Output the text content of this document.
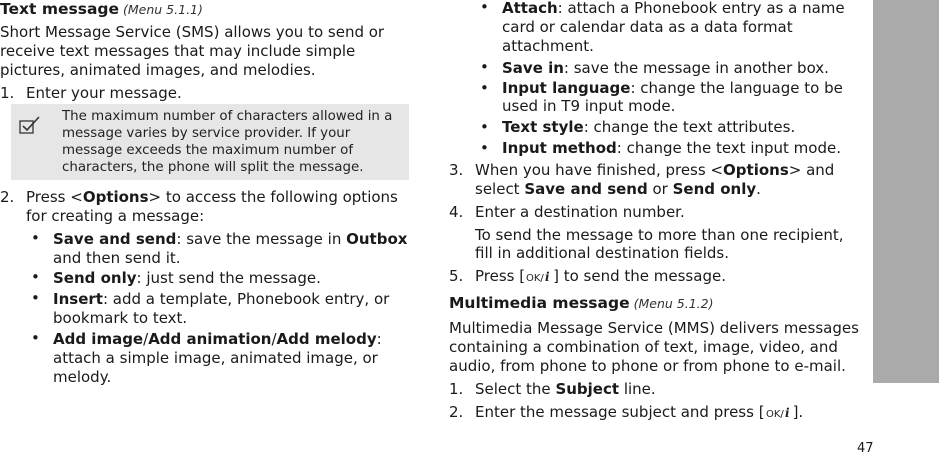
Text message (Menu 5.1.1)
Short Message Service (SMS) allows you to send or
receive text messages that may include simple
pictures, animated images, and melodies.
1. Enter your message.
The maximum number of characters allowed in a
message varies by service provider. If your
message exceeds the maximum number of
characters, the phone will split the message.
2. Press <Options> to access the following options
for creating a message:
• Save and send: save the message in Outbox
and then send it.
• Send only: just send the message.
• Insert: add a template, Phonebook entry, or
bookmark to text.
• Add image/Add animation/Add melody:
attach a simple image, animated image, or
melody.
• Attach: attach a Phonebook entry as a name
card or calendar data as a data format
attachment.
• Save in: save the message in another box.
• Input language: change the language to be
used in T9 input mode.
• Text style: change the text attributes.
• Input method: change the text input mode.
3. When you have finished, press <Options> and
select Save and send or Send only.
4. Enter a destination number.
To send the message to more than one recipient,
fill in additional destination fields.
5. Press [ OK/ i ] to send the message.
Multimedia message (Menu 5.1.2)
Multimedia Message Service (MMS) delivers messages
containing a combination of text, image, video, and
audio, from phone to phone or from phone to e-mail.
1. Select the Subject line.
2. Enter the message subject and press [ OK/ i ].
Menu functions    Messages (Menu 5)
47
